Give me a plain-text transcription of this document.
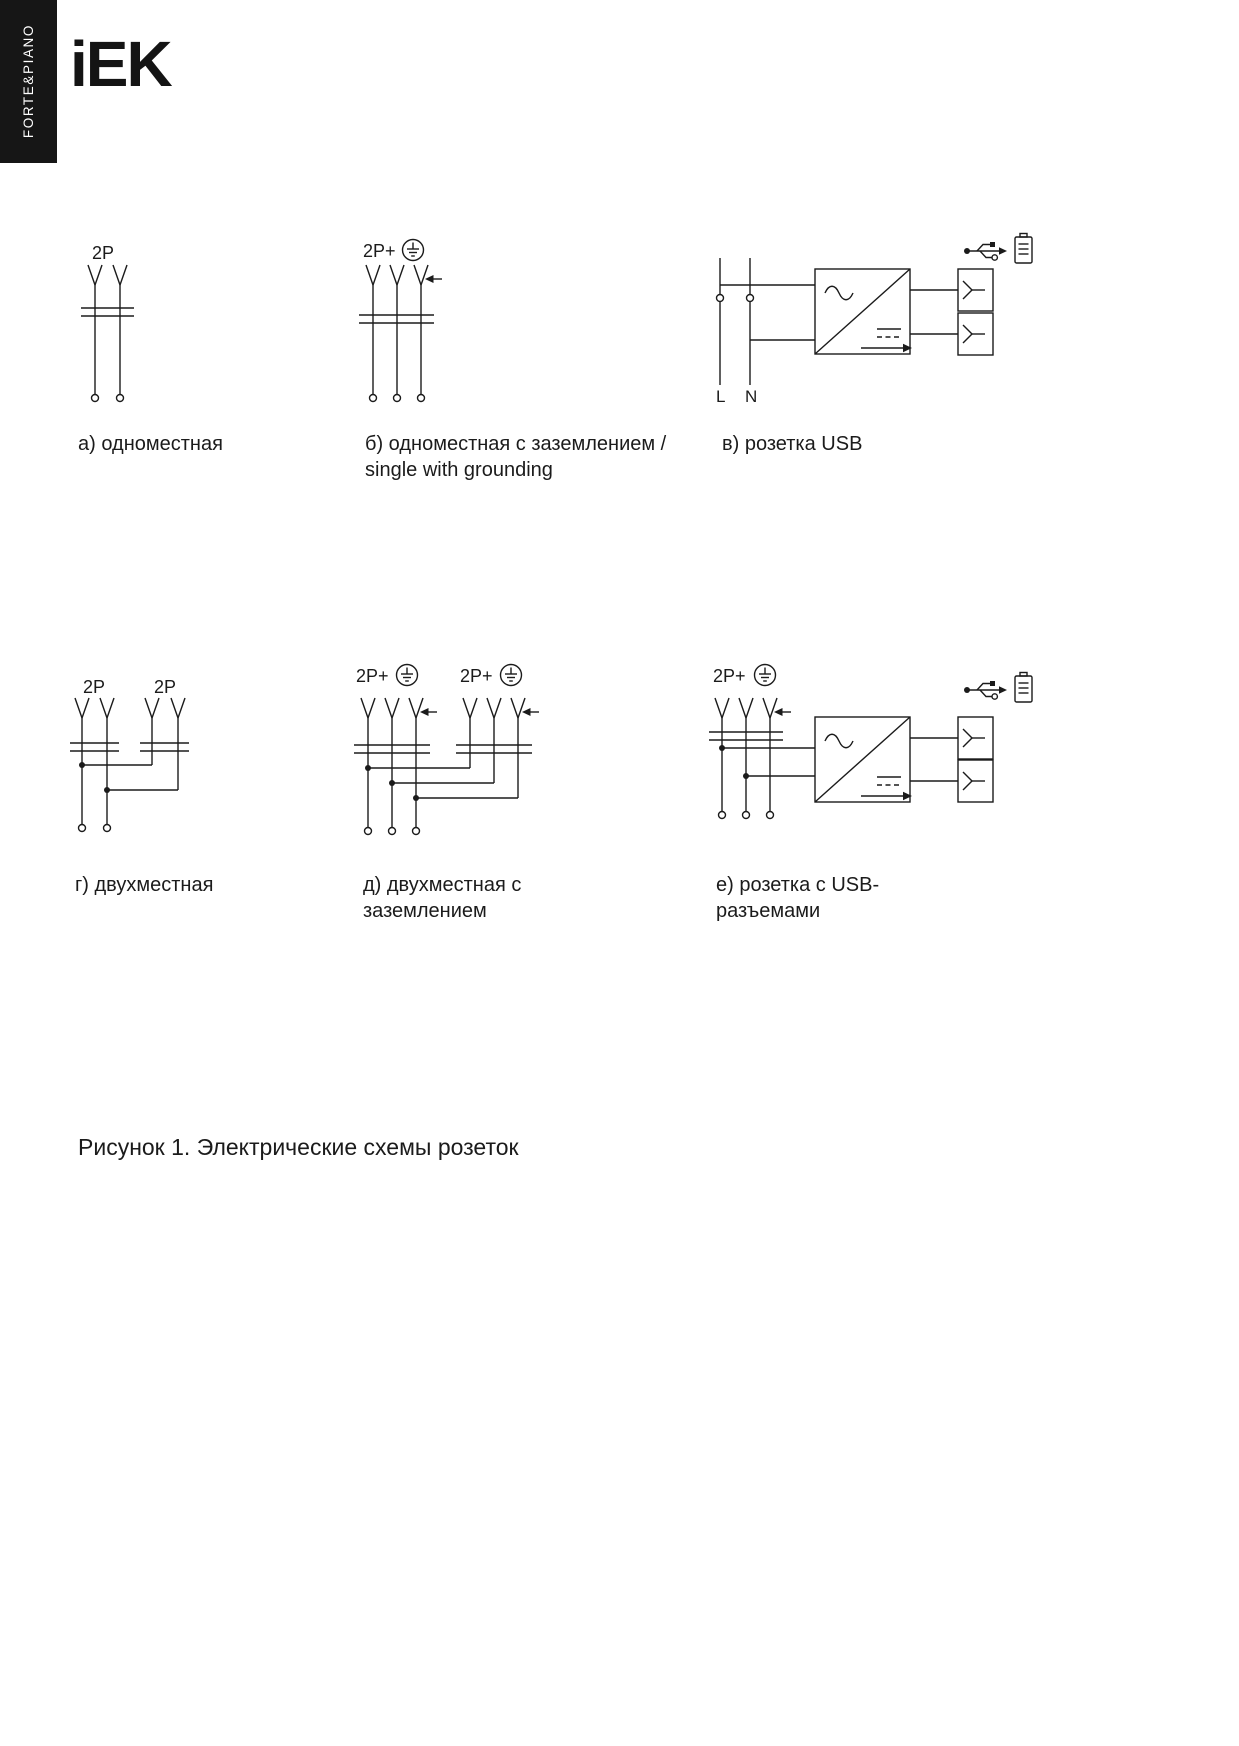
FORTE&PIANO iEK
2P
а) одноместная
2P+
б) одноместная с заземлением /
single with grounding
L N
в) розетка USB
2P	2P
г) двухместная
2P+	2P+
д) двухместная с
заземлением
2P+
е) розетка с USB-
разъемами
Рисунок 1. Электрические схемы розеток
